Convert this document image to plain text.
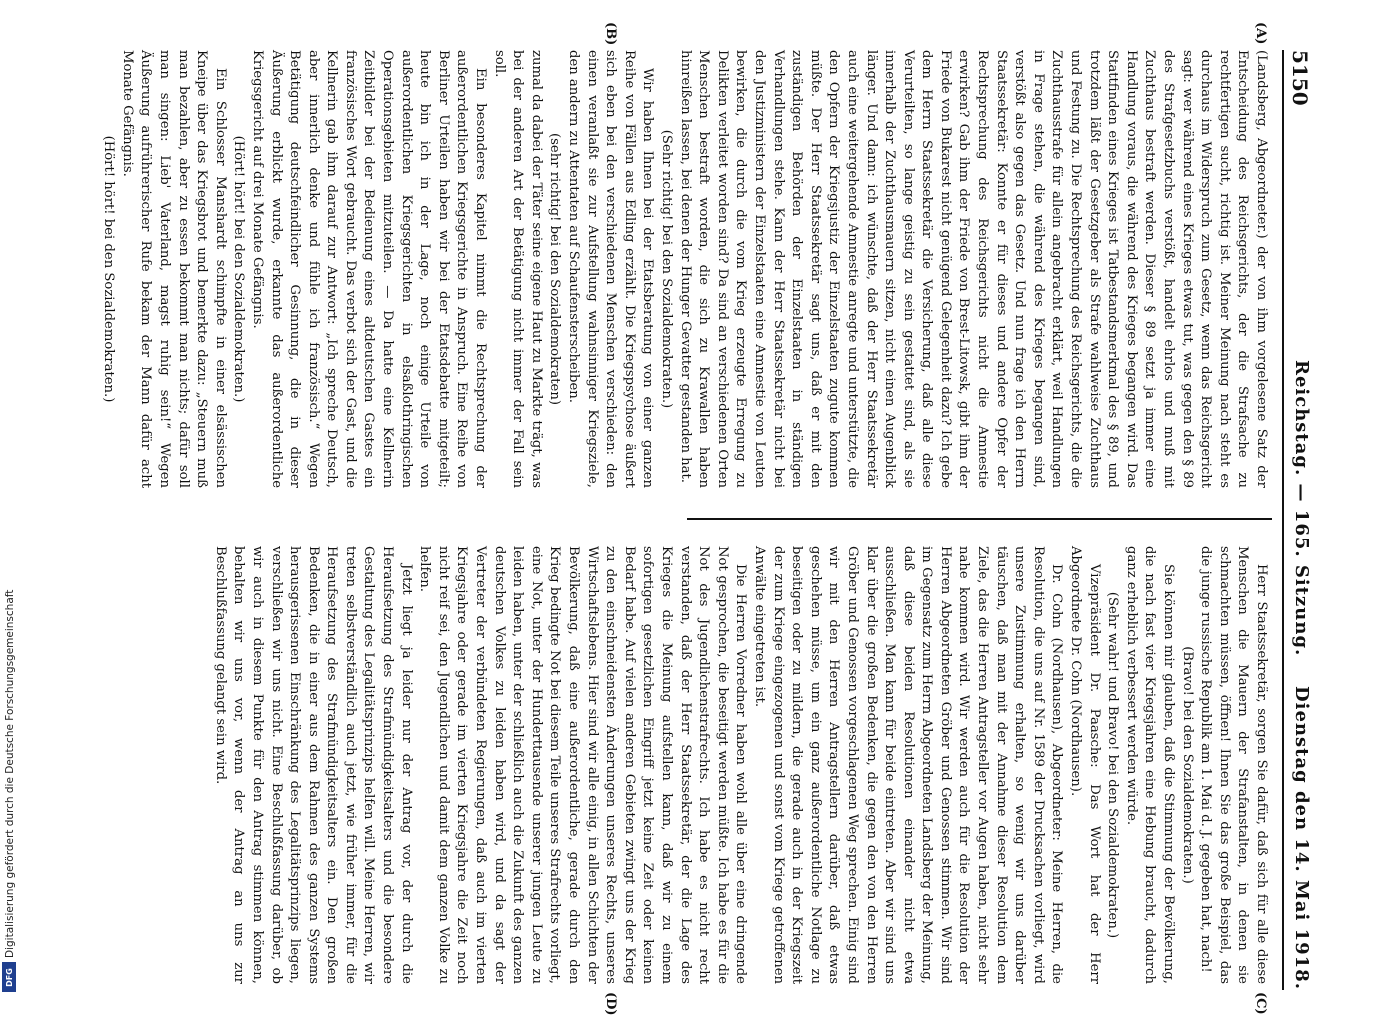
5150
Reichstag. — 165. Sitzung.
Dienstag den 14. Mai 1918.
(A)
(B)
(C)
(D)

(Landsberg, Abgeordneter.) der von ihm vorgelesene Satz der Entscheidung des Reichsgerichts, der die Strafsache zu rechtfertigen sucht, richtig ist. Meiner Meinung nach steht es durchaus im Widerspruch zum Gesetz, wenn das Reichsgericht sagt: wer während eines Krieges etwas tut, was gegen den § 89 des Strafgesetzbuchs verstößt, handelt ehrlos und muß mit Zuchthaus bestraft werden. Dieser § 89 setzt ja immer eine Handlung voraus, die während des Krieges begangen wird. Das Stattfinden eines Krieges ist Tatbestandsmerkmal des § 89, und trotzdem läßt der Gesetzgeber als Strafe wahlweise Zuchthaus und Festung zu. Die Rechtsprechung des Reichsgerichts, die die Zuchthausstrafe für allein angebracht erklärt, weil Handlungen in Frage stehen, die während des Krieges begangen sind, verstößt also gegen das Gesetz. Und nun frage ich den Herrn Staatssekretär: Konnte er für dieses und andere Opfer der Rechtsprechung des Reichsgerichts nicht die Amnestie erwirken? Gab ihm der Friede von Brest-Litowsk, gibt ihm der Friede von Bukarest nicht genügend Gelegenheit dazu? Ich gebe dem Herrn Staatssekretär die Versicherung, daß alle diese Verurteilten, so lange geistig zu sein gestattet sind, als sie innerhalb der Zuchthausmauern sitzen, nicht einen Augenblick länger. Und dann: ich wünschte, daß der Herr Staatssekretär auch eine weitergehende Amnestie anregte und unterstützte, die den Opfern der Kriegsjustiz der Einzelstaaten zugute kommen müßte. Der Herr Staatssekretär sagt uns, daß er mit den zuständigen Behörden der Einzelstaaten in ständigen Verhandlungen stehe. Kann der Herr Staatssekretär nicht bei den Justizministern der Einzelstaaten eine Amnestie von Leuten bewirken, die durch die vom Krieg erzeugte Erregung zu Delikten verleitet worden sind? Da sind an verschiedenen Orten Menschen bestraft worden, die sich zu Krawallen haben hinreißen lassen, bei denen der Hunger Gevatter gestanden hat.

(Sehr richtig! bei den Sozialdemokraten.)

Wir haben Ihnen bei der Etatsberatung von einer ganzen Reihe von Fällen aus Edling erzählt. Die Kriegspsychose äußert sich eben bei den verschiedenen Menschen verschieden: den einen veranlaßt sie zur Aufstellung wahnsinniger Kriegsziele, den andern zu Attentaten auf Schaufensterscheiben.

(sehr richtig! bei den Sozialdemokraten)

zumal da dabei der Täter seine eigene Haut zu Markte trägt, was bei der anderen Art der Betätigung nicht immer der Fall sein soll.

Ein besonderes Kapitel nimmt die Rechtsprechung der außerordentlichen Kriegsgerichte in Anspruch. Eine Reihe von Berliner Urteilen haben wir bei der Etatsdebatte mitgeteilt; heute bin ich in der Lage, noch einige Urteile von außerordentlichen Kriegsgerichten in elsaßlothringischen Operationsgebieten mitzuteilen. — Da hatte eine Kellnerin Zeitbilder bei der Bedienung eines altdeutschen Gastes ein französisches Wort gebraucht. Das verbot sich der Gast, und die Kellnerin gab ihm darauf zur Antwort: „Ich spreche Deutsch, aber innerlich denke und fühle ich französisch.“ Wegen Betätigung deutschfeindlicher Gesinnung, die in dieser Äußerung erblickt wurde, erkannte das außerordentliche Kriegsgericht auf drei Monate Gefängnis.

(Hört! hört! bei den Sozialdemokraten.)

Ein Schlosser Manshardt schimpfte in einer elsässischen Kneipe über das Kriegsbrot und bemerkte dazu: „Steuern muß man bezahlen, aber zu essen bekommt man nichts; dafür soll man singen: Lieb' Vaterland, magst ruhig sein!“ Wegen Äußerung aufrührerischer Rufe bekam der Mann dafür acht Monate Gefängnis.

(Hört! hört! bei den Sozialdemokraten.)

Herr Staatssekretär, sorgen Sie dafür, daß sich für alle diese Menschen die Mauern der Strafanstalten, in denen sie schmachten müssen, öffnen! Ihnen Sie das große Beispiel, das die junge russische Republik am 1. Mai d. J. gegeben hat, nach!

(Bravo! bei den Sozialdemokraten.)

Sie können mir glauben, daß die Stimmung der Bevölkerung, die nach fast vier Kriegsjahren eine Hebung braucht, dadurch ganz erheblich verbessert werden würde.

(Sehr wahr! und Bravo! bei den Sozialdemokraten.)

Vizepräsident Dr. Paasche: Das Wort hat der Herr Abgeordnete Dr. Cohn (Nordhausen).

Dr. Cohn (Nordhausen), Abgeordneter: Meine Herren, die Resolution, die uns auf Nr. 1589 der Drucksachen vorliegt, wird unsere Zustimmung erhalten, so wenig wir uns darüber täuschen, daß man mit der Annahme dieser Resolution dem Ziele, das die Herren Antragsteller vor Augen haben, nicht sehr nahe kommen wird. Wir werden auch für die Resolution der Herren Abgeordneten Gröber und Genossen stimmen. Wir sind im Gegensatz zum Herrn Abgeordneten Landsberg der Meinung, daß diese beiden Resolutionen einander nicht etwa ausschließen. Man kann für beide eintreten. Aber wir sind uns klar über die großen Bedenken, die gegen den von den Herren Gröber und Genossen vorgeschlagenen Weg sprechen. Einig sind wir mit den Herren Antragstellern darüber, daß etwas geschehen müsse, um ein ganz außerordentliche Notlage zu beseitigen oder zu mildern, die gerade auch in der Kriegszeit der zum Kriege eingezogenen und sonst vom Kriege getroffenen Anwälte eingetreten ist.

Die Herren Vorredner haben wohl alle über eine dringende Not gesprochen, die beseitigt werden müßte. Ich habe es für die Not des Jugendlichenstrafrechts. Ich habe es nicht recht verstanden, daß der Herr Staatssekretär, der die Lage des Krieges die Meinung aufstellen kann, daß wir zu einem sofortigen gesetzlichen Eingriff jetzt keine Zeit oder keinen Bedarf habe. Auf vielen anderen Gebieten zwingt uns der Krieg zu den einschneidensten Änderungen unseres Rechts, unseres Wirtschaftslebens. Hier sind wir alle einig, in allen Schichten der Bevölkerung, daß eine außerordentliche, gerade durch den Krieg bedingte Not bei diesem Teile unseres Strafrechts vorliegt, eine Not, unter der Hunderttausende unserer jungen Leute zu leiden haben, unter der schließlich auch die Zukunft des ganzen deutschen Volkes zu leiden haben wird, und da sagt der Vertreter der verbündeten Regierungen, daß auch im vierten Kriegsjahre oder gerade im vierten Kriegsjahre die Zeit noch nicht reif sei, den Jugendlichen und damit dem ganzen Volke zu helfen.

Jetzt liegt ja leider nur der Antrag vor, der durch die Heraufsetzung des Strafmündigkeitsalters und die besondere Gestaltung des Legalitätsprinzips helfen will. Meine Herren, wir treten selbstverständlich auch jetzt, wie früher immer, für die Heraufsetzung des Strafmündigkeitsalters ein. Den großen Bedenken, die in einer aus dem Rahmen des ganzen Systems herausgerissenen Einschränkung des Legalitätsprinzips liegen, verschließen wir uns nicht. Eine Beschlußfassung darüber, ob wir auch in diesem Punkte für den Antrag stimmen können, behalten wir uns vor, wenn der Antrag an uns zur Beschlußfassung gelangt sein wird.

Digitalisierung gefördert durch die Deutsche Forschungsgemeinschaft
DFG
